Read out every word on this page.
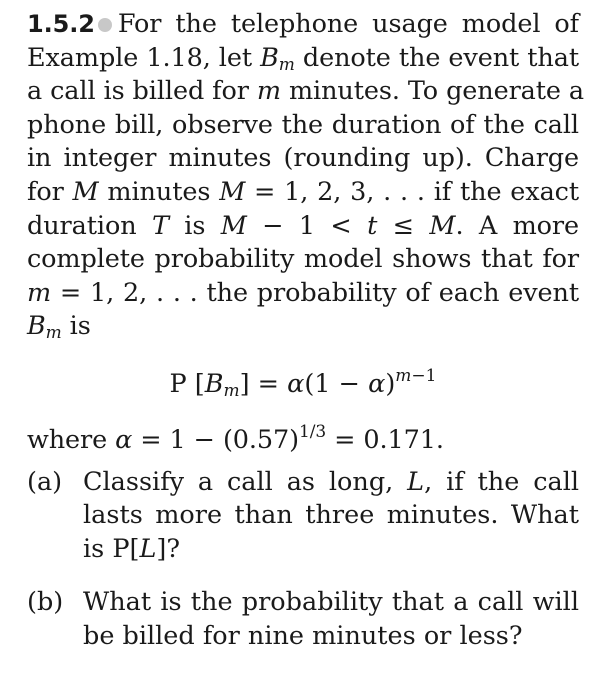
1.5.2 For the telephone usage model of
Example 1.18, let $B_m$ denote the event that
a call is billed for m minutes. To generate a
phone bill, observe the duration of the call
in integer minutes (rounding up). Charge
for M minutes M = 1, 2, 3, . . . if the exact
duration T is M − 1 < t ≤ M. A more
complete probability model shows that for
m = 1, 2, . . . the probability of each event
$B_m$ is
P $[B_m] = \alpha(1 - \alpha)^{m-1}$
where $\alpha = 1 - (0.57)^{1/3} = 0.171$.
(a) Classify a call as long, L, if the call
lasts more than three minutes. What
is P[L]?
(b) What is the probability that a call will
be billed for nine minutes or less?
